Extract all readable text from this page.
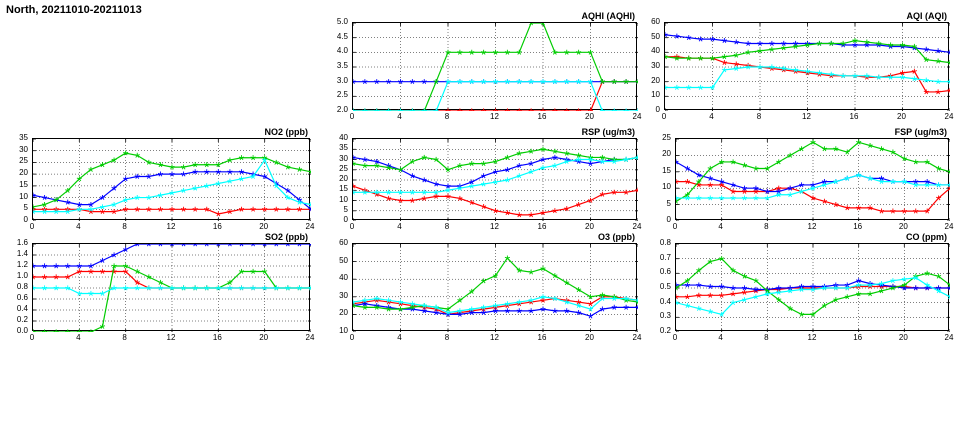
North, 20211010-20211013	AQHI (AQHI)
2.0
2.5
3.0
3.5
4.0
4.5
5.0
0	4	8	12	16	20	24
AQI (AQI)
0
10
20
30
40
50
60
0	4	8	12	16	20	24
NO2 (ppb)
0
5
10
15
20
25
30
35
0	4	8	12	16	20	24
RSP (ug/m3)
0
5
10
15
20
25
30
35
40
0	4	8	12	16	20	24
FSP (ug/m3)
0
5
10
15
20
25
0	4	8	12	16	20	24
SO2 (ppb)
0.0
0.2
0.4
0.6
0.8
1.0
1.2
1.4
1.6
0	4	8	12	16	20	24
O3 (ppb)
10
20
30
40
50
60
0	4	8	12	16	20	24
CO (ppm)
0.2
0.3
0.4
0.5
0.6
0.7
0.8
0	4	8	12	16	20	24
